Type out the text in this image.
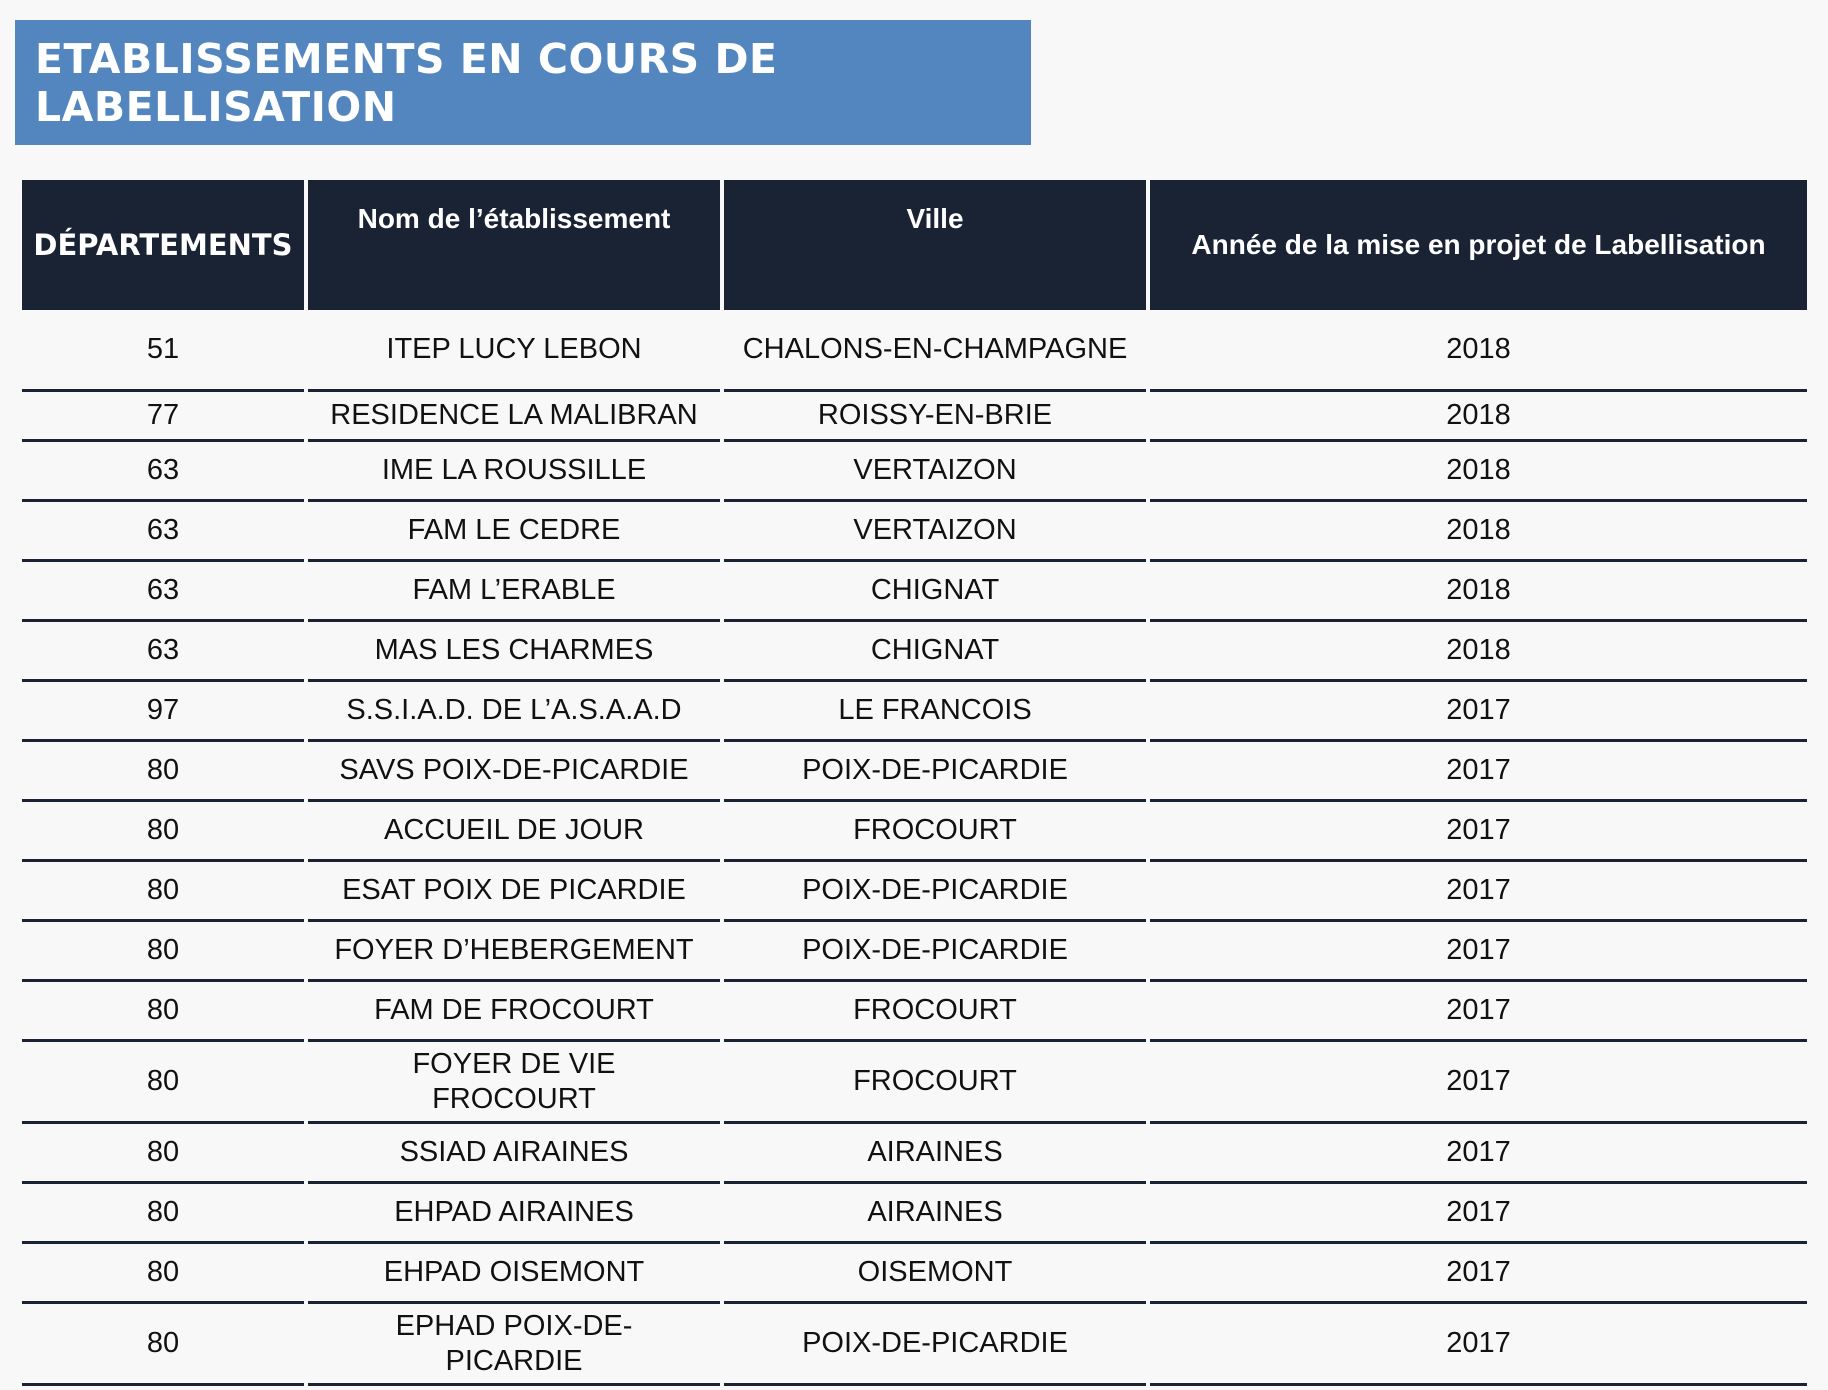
ETABLISSEMENTS EN COURS DE LABELLISATION
DÉPARTEMENTS	Nom de l’établissement	Ville	Année de la mise en projet de Labellisation
51	ITEP LUCY LEBON	CHALONS-EN-CHAMPAGNE	2018
77	RESIDENCE LA MALIBRAN	ROISSY-EN-BRIE	2018
63	IME LA ROUSSILLE	VERTAIZON	2018
63	FAM LE CEDRE	VERTAIZON	2018
63	FAM L’ERABLE	CHIGNAT	2018
63	MAS LES CHARMES	CHIGNAT	2018
97	S.S.I.A.D. DE L’A.S.A.A.D	LE FRANCOIS	2017
80	SAVS POIX-DE-PICARDIE	POIX-DE-PICARDIE	2017
80	ACCUEIL DE JOUR	FROCOURT	2017
80	ESAT POIX DE PICARDIE	POIX-DE-PICARDIE	2017
80	FOYER D’HEBERGEMENT	POIX-DE-PICARDIE	2017
80	FAM DE FROCOURT	FROCOURT	2017
80	FOYER DE VIE FROCOURT	FROCOURT	2017
80	SSIAD AIRAINES	AIRAINES	2017
80	EHPAD AIRAINES	AIRAINES	2017
80	EHPAD OISEMONT	OISEMONT	2017
80	EPHAD POIX-DE-PICARDIE	POIX-DE-PICARDIE	2017
